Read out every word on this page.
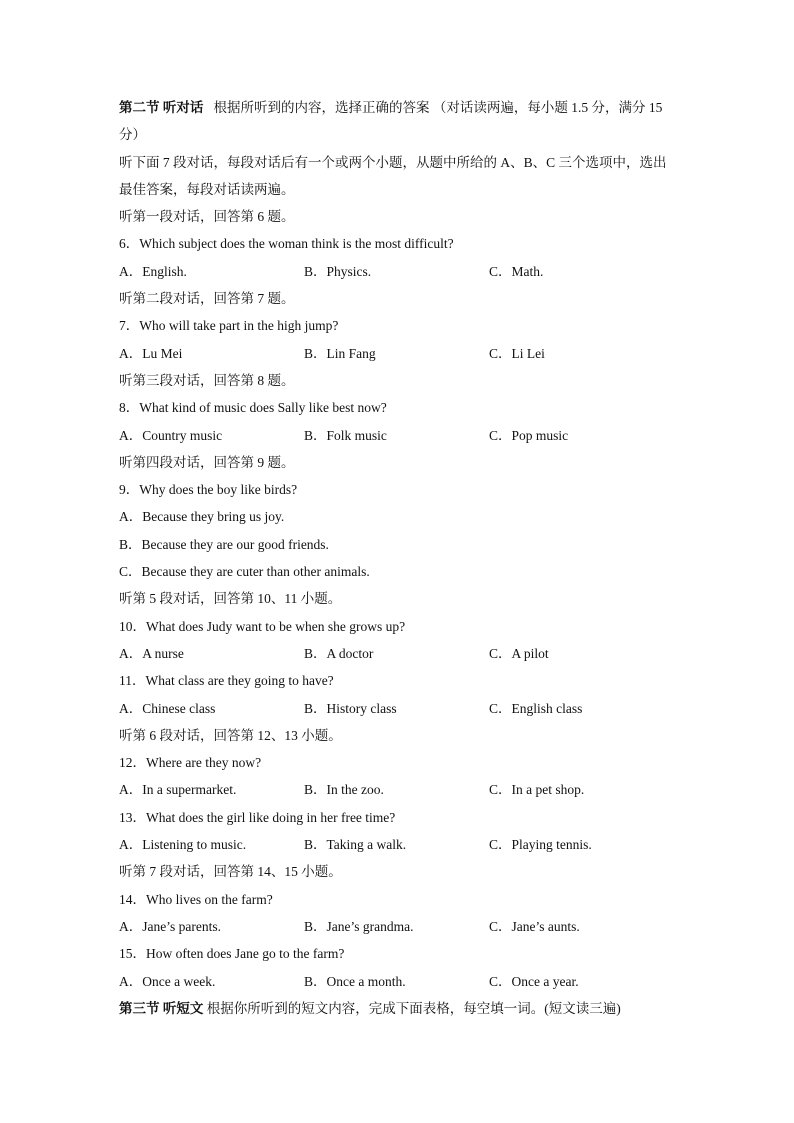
第二节 听对话 根据所听到的内容，选择正确的答案 （对话读两遍，每小题 1.5 分，满分 15 分）
听下面 7 段对话，每段对话后有一个或两个小题，从题中所给的 A、B、C 三个选项中，选出最佳答案，每段对话读两遍。
听第一段对话，回答第 6 题。
6．Which subject does the woman think is the most difficult?
A．English.	B．Physics.	C．Math.
听第二段对话，回答第 7 题。
7．Who will take part in the high jump?
A．Lu Mei	B．Lin Fang	C．Li Lei
听第三段对话，回答第 8 题。
8．What kind of music does Sally like best now?
A．Country music	B．Folk music	C．Pop music
听第四段对话，回答第 9 题。
9．Why does the boy like birds?
A．Because they bring us joy.
B．Because they are our good friends.
C．Because they are cuter than other animals.
听第 5 段对话，回答第 10、11 小题。
10．What does Judy want to be when she grows up?
A．A nurse	B．A doctor	C．A pilot
11．What class are they going to have?
A．Chinese class	B．History class	C．English class
听第 6 段对话，回答第 12、13 小题。
12．Where are they now?
A．In a supermarket.	B．In the zoo.	C．In a pet shop.
13．What does the girl like doing in her free time?
A．Listening to music.	B．Taking a walk.	C．Playing tennis.
听第 7 段对话，回答第 14、15 小题。
14．Who lives on the farm?
A．Jane’s parents.	B．Jane’s grandma.	C．Jane’s aunts.
15．How often does Jane go to the farm?
A．Once a week.	B．Once a month.	C．Once a year.
第三节 听短文 根据你所听到的短文内容，完成下面表格，每空填一词。(短文读三遍)
